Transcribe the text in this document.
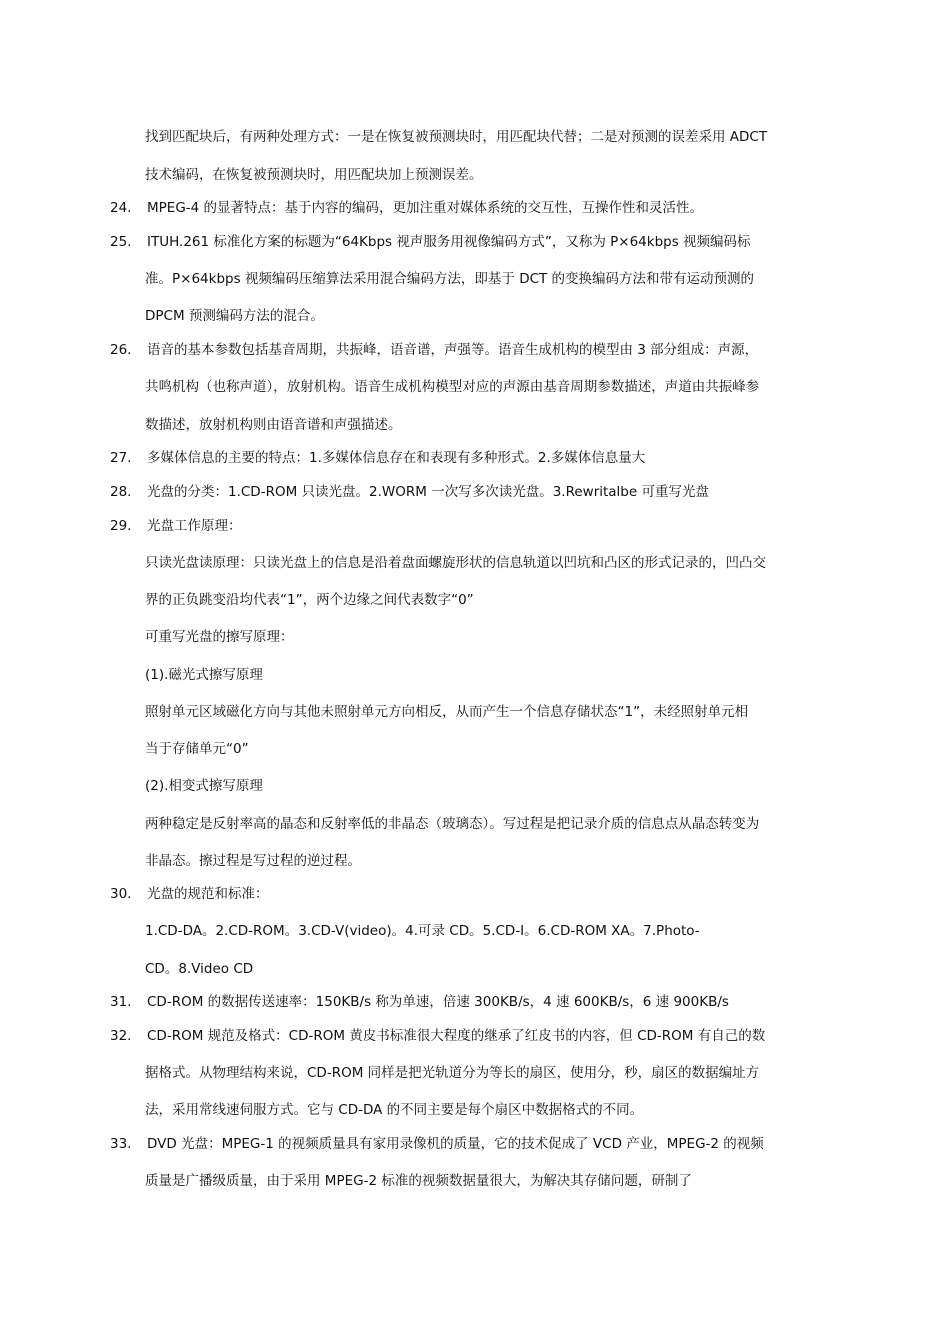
找到匹配块后，有两种处理方式：一是在恢复被预测块时，用匹配块代替；二是对预测的误差采用 ADCT
技术编码，在恢复被预测块时，用匹配块加上预测误差。
24. MPEG-4 的显著特点：基于内容的编码，更加注重对媒体系统的交互性，互操作性和灵活性。
25. ITUH.261 标准化方案的标题为“64Kbps 视声服务用视像编码方式”，又称为 P×64kbps 视频编码标
准。P×64kbps 视频编码压缩算法采用混合编码方法，即基于 DCT 的变换编码方法和带有运动预测的
DPCM 预测编码方法的混合。
26. 语音的基本参数包括基音周期，共振峰，语音谱，声强等。语音生成机构的模型由 3 部分组成：声源，
共鸣机构（也称声道），放射机构。语音生成机构模型对应的声源由基音周期参数描述，声道由共振峰参
数描述，放射机构则由语音谱和声强描述。
27. 多媒体信息的主要的特点：1.多媒体信息存在和表现有多种形式。2.多媒体信息量大
28. 光盘的分类：1.CD-ROM 只读光盘。2.WORM 一次写多次读光盘。3.Rewritalbe 可重写光盘
29. 光盘工作原理：
只读光盘读原理：只读光盘上的信息是沿着盘面螺旋形状的信息轨道以凹坑和凸区的形式记录的，凹凸交
界的正负跳变沿均代表“1”，两个边缘之间代表数字“0”
可重写光盘的擦写原理：
(1).磁光式擦写原理
照射单元区域磁化方向与其他未照射单元方向相反，从而产生一个信息存储状态“1”，未经照射单元相
当于存储单元“0”
(2).相变式擦写原理
两种稳定是反射率高的晶态和反射率低的非晶态（玻璃态）。写过程是把记录介质的信息点从晶态转变为
非晶态。擦过程是写过程的逆过程。
30. 光盘的规范和标准：
1.CD-DA。2.CD-ROM。3.CD-V(video)。4.可录 CD。5.CD-I。6.CD-ROM XA。7.Photo-
CD。8.Video CD
31. CD-ROM 的数据传送速率：150KB/s 称为单速，倍速 300KB/s，4 速 600KB/s，6 速 900KB/s
32. CD-ROM 规范及格式：CD-ROM 黄皮书标准很大程度的继承了红皮书的内容，但 CD-ROM 有自己的数
据格式。从物理结构来说，CD-ROM 同样是把光轨道分为等长的扇区，使用分，秒，扇区的数据编址方
法，采用常线速伺服方式。它与 CD-DA 的不同主要是每个扇区中数据格式的不同。
33. DVD 光盘：MPEG-1 的视频质量具有家用录像机的质量，它的技术促成了 VCD 产业，MPEG-2 的视频
质量是广播级质量，由于采用 MPEG-2 标准的视频数据量很大，为解决其存储问题，研制了
